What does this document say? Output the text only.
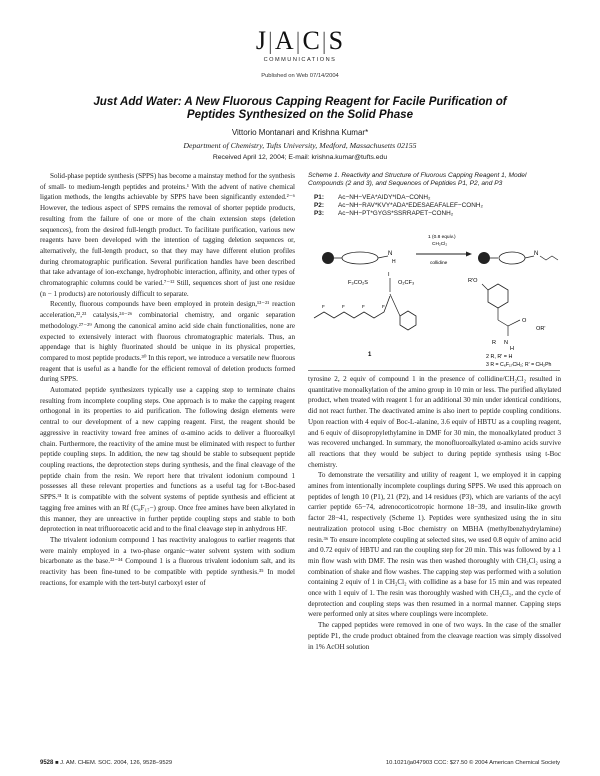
J|A|C|S
COMMUNICATIONS
Published on Web 07/14/2004
Just Add Water: A New Fluorous Capping Reagent for Facile Purification of
Peptides Synthesized on the Solid Phase
Vittorio Montanari and Krishna Kumar*
Department of Chemistry, Tufts University, Medford, Massachusetts 02155
Received April 12, 2004; E-mail: krishna.kumar@tufts.edu

Solid-phase peptide synthesis (SPPS) has become a mainstay method for the synthesis of small- to medium-length peptides and proteins.¹ With the advent of native chemical ligation methods, the lengths achievable by SPPS have been significantly extended.²⁻⁶ However, the tedious aspect of SPPS remains the removal of shorter peptide products, resulting from the failure of one or more of the chain extension steps (deletion sequences), from the desired full-length product. To facilitate purification, various new reagents have been developed with the intention of tagging deletion sequences or, alternatively, the full-length product, so that they may have different elution profiles during chromatographic purification. Several purification handles have been described that take advantage of ion-exchange, hydrophobic interaction, affinity, and other types of chromatographic columns could be varied.⁷⁻¹² Still, sequences short of just one residue (n − 1 products) are notoriously difficult to separate.

Recently, fluorous compounds have been employed in protein design,¹³⁻²¹ reaction acceleration,²²,²³ catalysis,²⁴⁻²⁶ combinatorial chemistry, and organic separation methodology.²⁷⁻²⁹ Among the canonical amino acid side chain functionalities, none are expected to extensively interact with fluorous chromatographic materials. Thus, an appendage that is highly fluorinated should be unique in its physical properties, compared to most peptide products.³⁰ In this report, we introduce a versatile new fluorous reagent that is useful as a handle for the efficient removal of deletion products formed during SPPS.

Automated peptide synthesizers typically use a capping step to terminate chains resulting from incomplete coupling steps. One approach is to make the capping reagent orthogonal in its properties to aid purification. The following design elements were central to our development of a new capping reagent. First, the reagent should be aggressive in reactivity toward free amines of α-amino acids to deliver a fluoroalkyl chain. Furthermore, the reactivity of the amine must be eliminated with respect to further peptide coupling steps. In addition, the new tag should be stable to subsequent peptide coupling reactions, the deprotection steps during synthesis, and the final cleavage of the peptide chain from the resin. We report here that trivalent iodonium compound 1 possesses all these relevant properties and functions as a useful tag for t-Boc-based SPPS.³¹ It is compatible with the solvent systems of peptide synthesis and efficient at tagging free amines with an Rf (C₈F₁₇−) group. Once free amines have been alkylated in this manner, they are unreactive in further peptide coupling steps and stable to both deprotection in neat trifluoroacetic acid and to the final cleavage step in anhydrous HF.

The trivalent iodonium compound 1 has reactivity analogous to earlier reagents that were mainly employed in a two-phase organic−water solvent system with sodium bicarbonate as the base.³²⁻³⁴ Compound 1 is a fluorous trivalent iodonium salt, and its reactivity has been fine-tuned to be compatible with peptide synthesis.³⁵ In model reactions, for example with the tert-butyl carboxyl ester of

Scheme 1. Reactivity and Structure of Fluorous Capping Reagent 1, Model Compounds (2 and 3), and Sequences of Peptides P1, P2, and P3
P1: Ac−NH−VEA*AIDY*IDA−CONH₂
P2: Ac−NH−RAV*KVY*ADA*EDESAEAFALEF−CONH₂
P3: Ac−NH−PT*GYGS*SSRRAPET−CONH₂
N
H
1 (0.8 equiv.)
CH₂Cl₂
collidine
N
F₃CO₂S
I
O₂CF₃
F	F	F	F
1
R'O
N
R
H
O
OR'
2 R, R' = H
3 R = C₆F₁₇CH₂; R' = CH₂Ph

tyrosine 2, 2 equiv of compound 1 in the presence of collidine/CH₂Cl₂ resulted in quantitative monoalkylation of the amino group in 10 min or less. The purified alkylated product, when treated with reagent 1 for an additional 30 min under identical conditions, did not react further. The deactivated amine is also inert to peptide coupling conditions. Upon reaction with 4 equiv of Boc-L-alanine, 3.6 equiv of HBTU as a coupling reagent, and 6 equiv of diisopropylethylamine in DMF for 30 min, the monoalkylated product 3 was recovered unchanged. In summary, the monofluoroalkylated α-amino acids survive all reactions that they would be subject to during peptide synthesis using t-Boc chemistry.

To demonstrate the versatility and utility of reagent 1, we employed it in capping amines from intentionally incomplete couplings during SPPS. We used this approach on peptides of length 10 (P1), 21 (P2), and 14 residues (P3), which are variants of the acyl carrier peptide 65−74, adrenocorticotropic hormone 18−39, and insulin-like growth factor 28−41, respectively (Scheme 1). Peptides were synthesized using the in situ neutralization protocol using t-Boc chemistry on MBHA (methylbenzhydrylamine) resin.³⁶ To ensure incomplete coupling at selected sites, we used 0.8 equiv of amino acid and 0.72 equiv of HBTU and ran the coupling step for 20 min. This was followed by a 1 min flow wash with DMF. The resin was then washed thoroughly with CH₂Cl₂ using a combination of shake and flow washes. The capping step was performed with a solution containing 2 equiv of 1 in CH₂Cl₂ with collidine as a base for 15 min and was repeated once with 1 equiv of 1. The resin was thoroughly washed with CH₂Cl₂, and the cycle of deprotection and coupling steps was then resumed in a normal manner. Capping steps were performed only at sites where couplings were incomplete.

The capped peptides were removed in one of two ways. In the case of the smaller peptide P1, the crude product obtained from the cleavage reaction was simply dissolved in 1% AcOH solution

9528 ■ J. AM. CHEM. SOC. 2004, 126, 9528−9529	10.1021/ja047903 CCC: $27.50 © 2004 American Chemical Society
